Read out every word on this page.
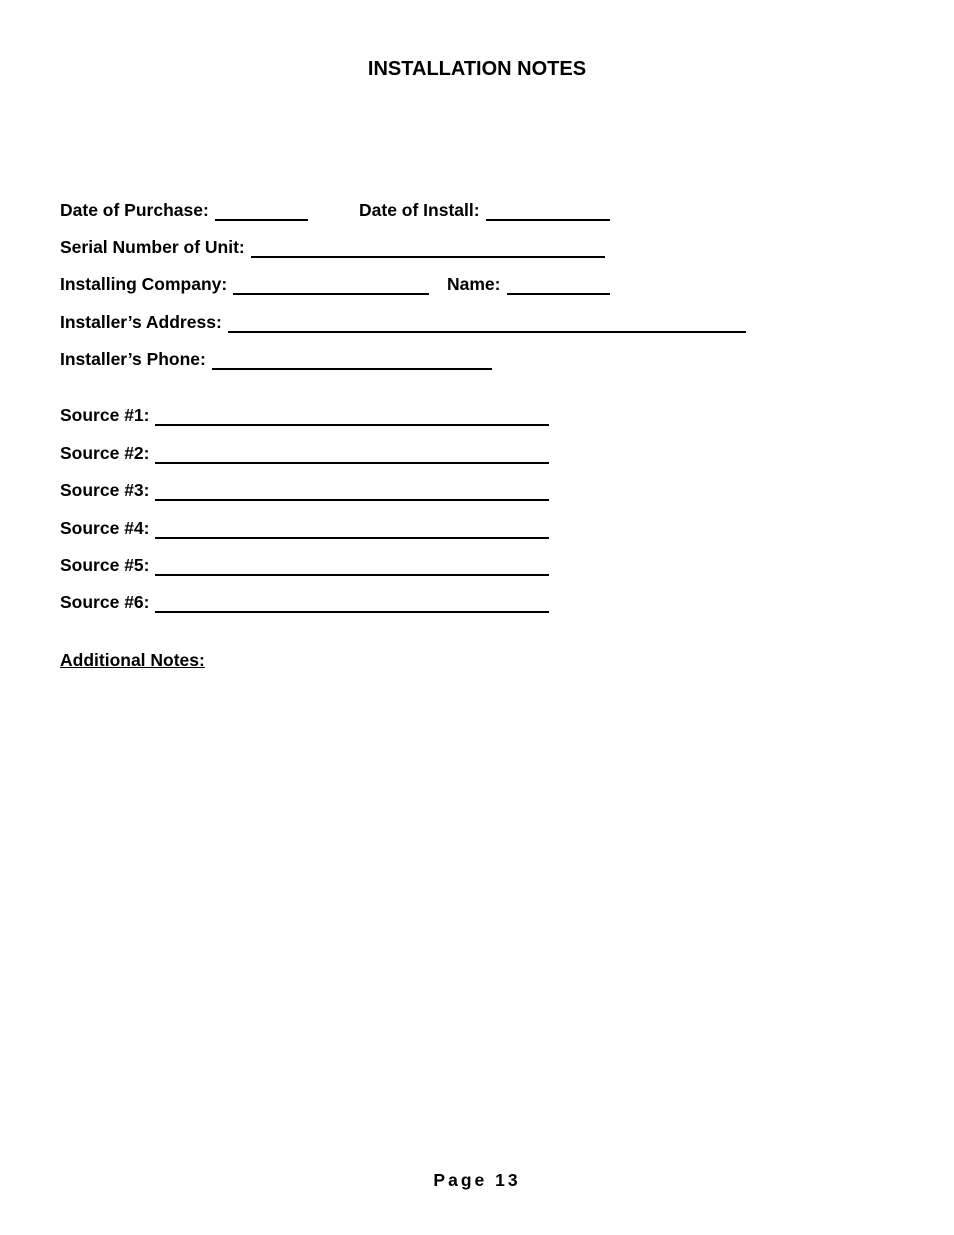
INSTALLATION NOTES
Date of Purchase:	Date of Install:
Serial Number of Unit:
Installing Company:	Name:
Installer’s Address:
Installer’s Phone:
Source #1:
Source #2:
Source #3:
Source #4:
Source #5:
Source #6:
Additional Notes:
Page 13
